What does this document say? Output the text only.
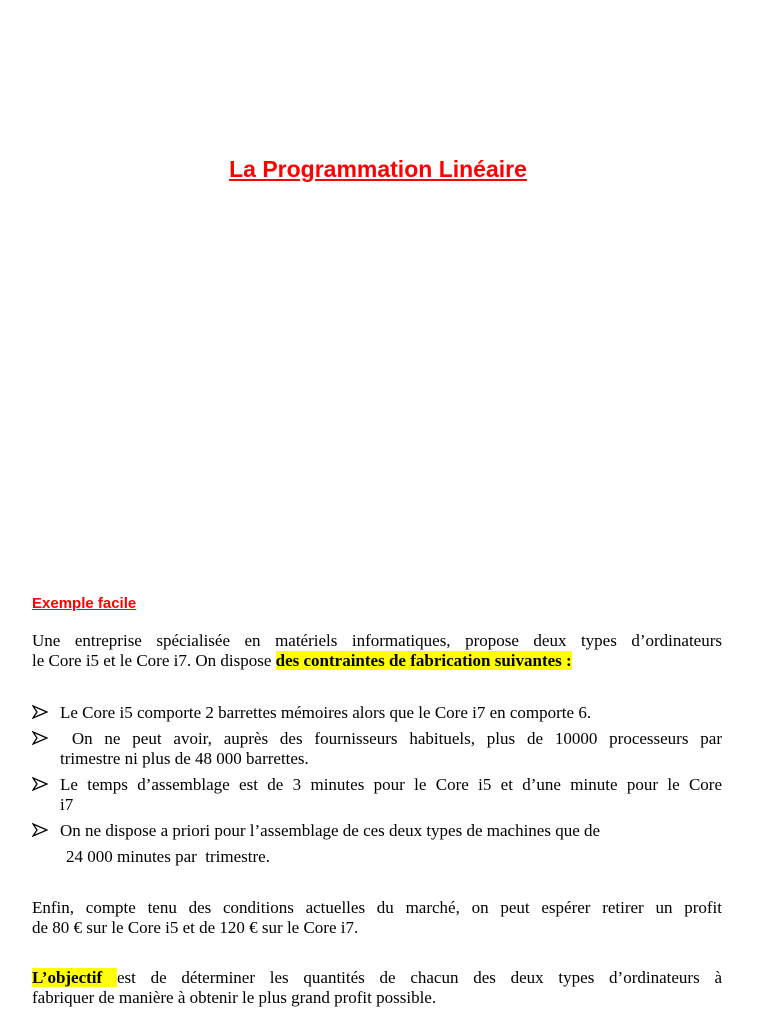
La Programmation Linéaire
Exemple facile
Une entreprise spécialisée en matériels informatiques, propose deux types d’ordinateurs
le Core i5 et le Core i7. On dispose des contraintes de fabrication suivantes :
Le Core i5 comporte 2 barrettes mémoires alors que le Core i7 en comporte 6.
On ne peut avoir, auprès des fournisseurs habituels, plus de 10000 processeurs par
trimestre ni plus de 48 000 barrettes.
Le temps d’assemblage est de 3 minutes pour le Core i5 et d’une minute pour le Core
i7
On ne dispose a priori pour l’assemblage de ces deux types de machines que de
24 000 minutes par  trimestre.
Enfin, compte tenu des conditions actuelles du marché, on peut espérer retirer un profit
de 80 € sur le Core i5 et de 120 € sur le Core i7.
L’objectif est de déterminer les quantités de chacun des deux types d’ordinateurs à
fabriquer de manière à obtenir le plus grand profit possible.
